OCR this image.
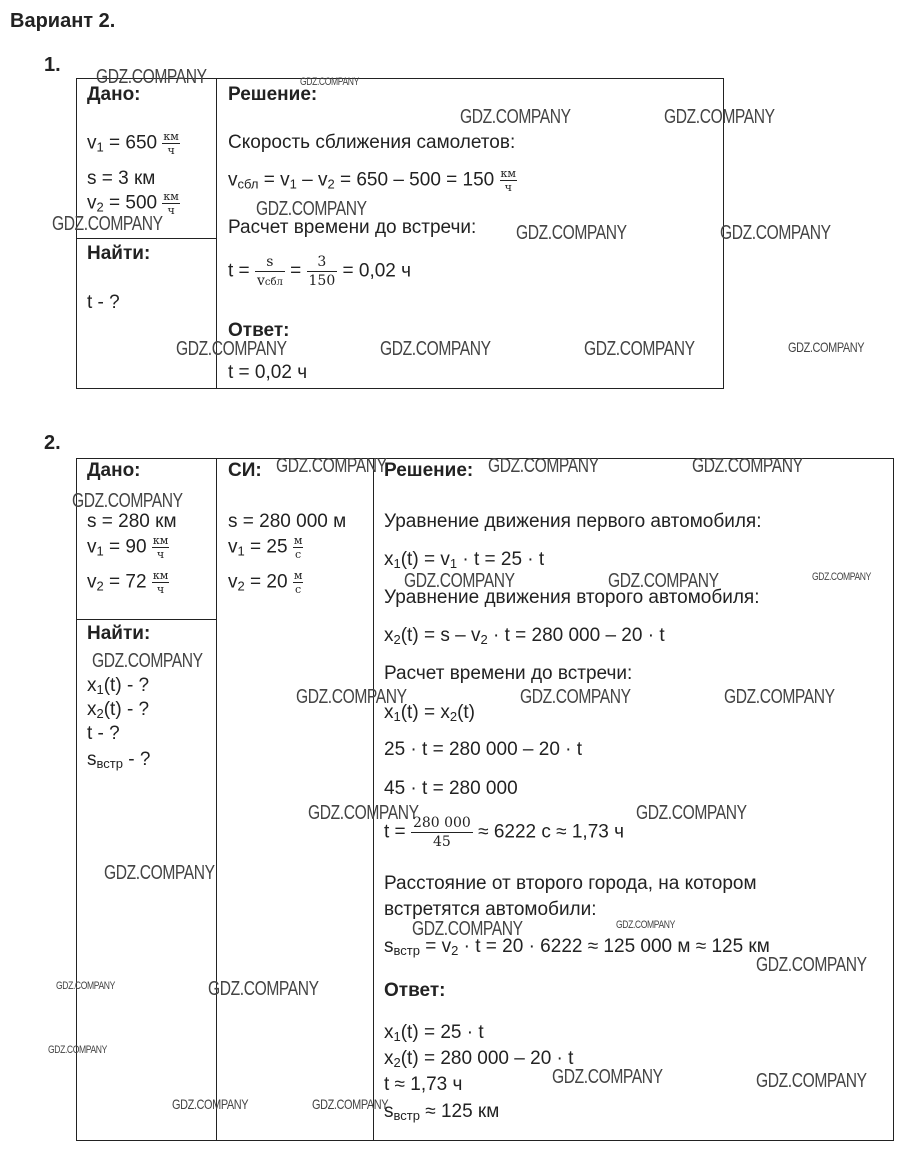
Вариант 2.
1.
Дано:
$v_1 = 650 \frac{км}{ч}$
s = 3 км
$v_2 = 500 \frac{км}{ч}$
Найти:
t - ?
Решение:
Скорость сближения самолетов:
$v_{сбл} = v_1 - v_2 = 650 - 500 = 150 \frac{км}{ч}$
Расчет времени до встречи:
$t = \frac{s}{\text{vсбл}} = \frac{3}{150} = 0,02$ ч
Ответ:
t = 0,02 ч
2.
Дано:
s = 280 км
$v_1 = 90 \frac{км}{ч}$
$v_2 = 72 \frac{км}{ч}$
Найти:
$x_1(t)$ - ?
$x_2(t)$ - ?
t - ?
$s_{встр}$ - ?
СИ:
s = 280 000 м
$v_1 = 25 \frac{м}{с}$
$v_2 = 20 \frac{м}{с}$
Решение:
Уравнение движения первого автомобиля:
$x_1(t) = v_1 \cdot t = 25 \cdot t$
Уравнение движения второго автомобиля:
$x_2(t) = s - v_2 \cdot t = 280$ 000 – 20 · t
Расчет времени до встречи:
$x_1(t) = x_2(t)$
25 · t = 280 000 – 20 · t
45 · t = 280 000
$t = \frac{280 000}{45} \approx 6222$ с ≈ 1,73 ч
Расстояние от второго города, на котором
встретятся автомобили:
$s_{встр} = v_2 \cdot t = 20 \cdot 6222 \approx 125$ 000 м ≈ 125 км
Ответ:
$x_1(t) = 25 \cdot t$
$x_2(t) = 280$ 000 – 20 · t
t ≈ 1,73 ч
$s_{встр} \approx 125$ км
GDZ.COMPANY	GDZ.COMPANY
GDZ.COMPANY	GDZ.COMPANY
GDZ.COMPANY
GDZ.COMPANY	GDZ.COMPANY	GDZ.COMPANY
GDZ.COMPANY	GDZ.COMPANY	GDZ.COMPANY	GDZ.COMPANY
GDZ.COMPANY	GDZ.COMPANY	GDZ.COMPANY
GDZ.COMPANY
GDZ.COMPANY	GDZ.COMPANY	GDZ.COMPANY
GDZ.COMPANY
GDZ.COMPANY	GDZ.COMPANY	GDZ.COMPANY
GDZ.COMPANY	GDZ.COMPANY
GDZ.COMPANY
GDZ.COMPANY
GDZ.COMPANY
GDZ.COMPANY
GDZ.COMPANY	GDZ.COMPANY
GDZ.COMPANY
GDZ.COMPANY	GDZ.COMPANY
GDZ.COMPANY	GDZ.COMPANY
